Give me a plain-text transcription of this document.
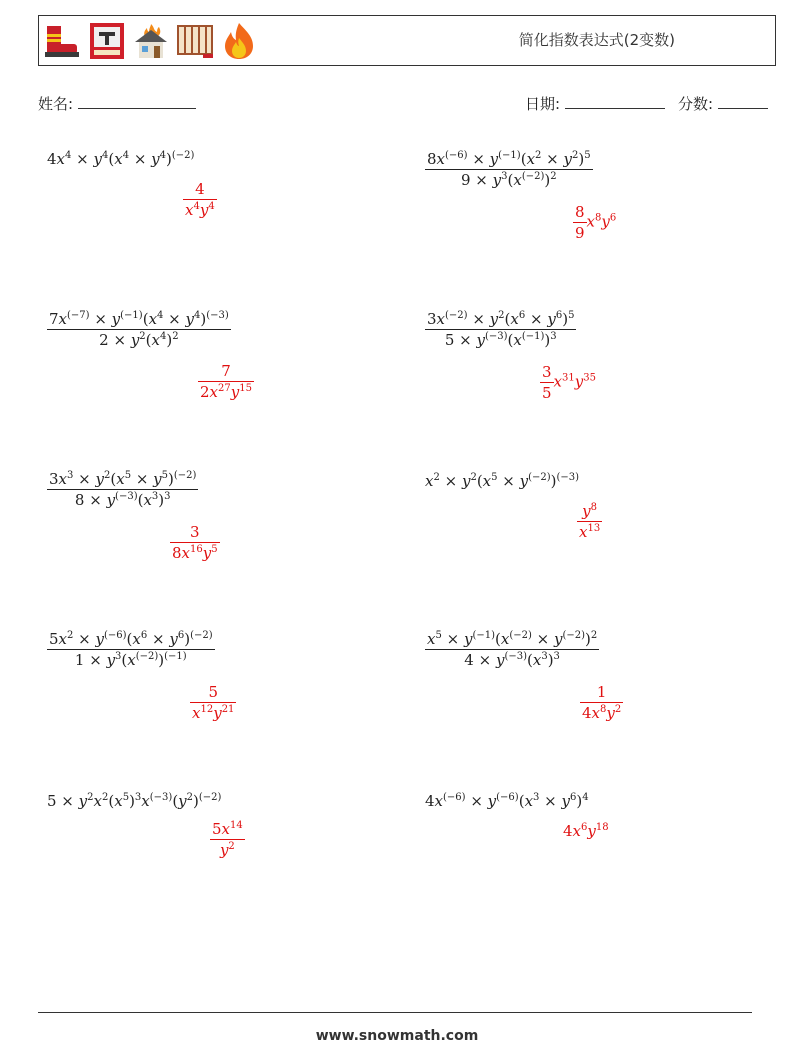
简化指数表达式(2变数)
姓名:	日期:	分数:
$4x^4 \times y^4(x^4 \times y^4)^{(-2)}$
$\frac{4}{x^4y^4}$
$\frac{8x^{(-6)} \times y^{(-1)}(x^2 \times y^2)^5}{9 \times y^3(x^{(-2)})^2}$
$\frac{8}{9} x^8y^6$
$\frac{7x^{(-7)} \times y^{(-1)}(x^4 \times y^4)^{(-3)}}{2 \times y^2(x^4)^2}$
$\frac{7}{2x^{27}y^{15}}$
$\frac{3x^{(-2)} \times y^2(x^6 \times y^6)^5}{5 \times y^{(-3)}(x^{(-1)})^3}$
$\frac{3}{5} x^{31}y^{35}$
$\frac{3x^3 \times y^2(x^5 \times y^5)^{(-2)}}{8 \times y^{(-3)}(x^3)^3}$
$\frac{3}{8x^{16}y^5}$
$x^2 \times y^2(x^5 \times y^{(-2)})^{(-3)}$
$\frac{y^8}{x^{13}}$
$\frac{5x^2 \times y^{(-6)}(x^6 \times y^6)^{(-2)}}{1 \times y^3(x^{(-2)})^{(-1)}}$
$\frac{5}{x^{12}y^{21}}$
$\frac{x^5 \times y^{(-1)}(x^{(-2)} \times y^{(-2)})^2}{4 \times y^{(-3)}(x^3)^3}$
$\frac{1}{4x^8y^2}$
$5 \times y^2x^2(x^5)^3x^{(-3)}(y^2)^{(-2)}$
$\frac{5x^{14}}{y^2}$
$4x^{(-6)} \times y^{(-6)}(x^3 \times y^6)^4$
$4x^6y^{18}$
www.snowmath.com
